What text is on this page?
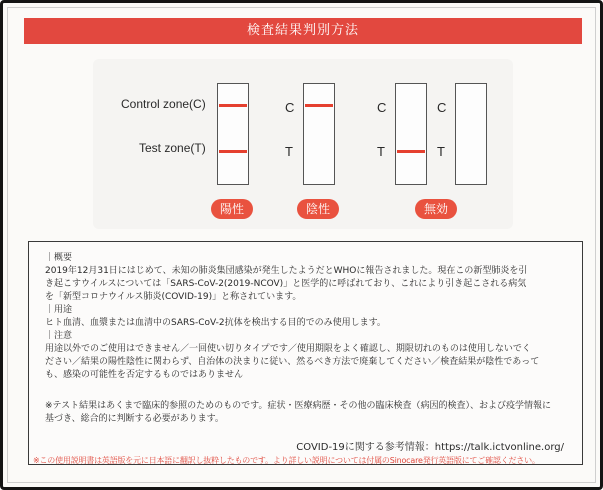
検査結果判別方法
Control zone(C)
Test zone(T)
陽性
C
T
陰性
C
T
無効
C
T
｜概要
2019年12月31日にはじめて、未知の肺炎集団感染が発生したようだとWHOに報告されました。現在この新型肺炎を引
き起こすウイルスについては「SARS-CoV-2(2019-NCOV)」と医学的に呼ばれており、これにより引き起こされる病気
を「新型コロナウイルス肺炎(COVID-19)」と称されています。
｜用途
ヒト血清、血漿または血清中のSARS-CoV-2抗体を検出する目的でのみ使用します。
｜注意
用途以外でのご使用はできません／一回使い切りタイプです／使用期限をよく確認し、期限切れのものは使用しないでく
ださい／結果の陽性陰性に関わらず、自治体の決まりに従い、然るべき方法で廃棄してください／検査結果が陰性であって
も、感染の可能性を否定するものではありません
※テスト結果はあくまで臨床的参照のためのものです。症状・医療病歴・その他の臨床検査（病因的検査）、および疫学情報に
基づき、総合的に判断する必要があります。
COVID-19に関する参考情報：https://talk.ictvonline.org/
※この使用説明書は英語版を元に日本語に翻訳し抜粋したものです。より詳しい説明については付属のSinocare発行英語版にてご確認ください。
